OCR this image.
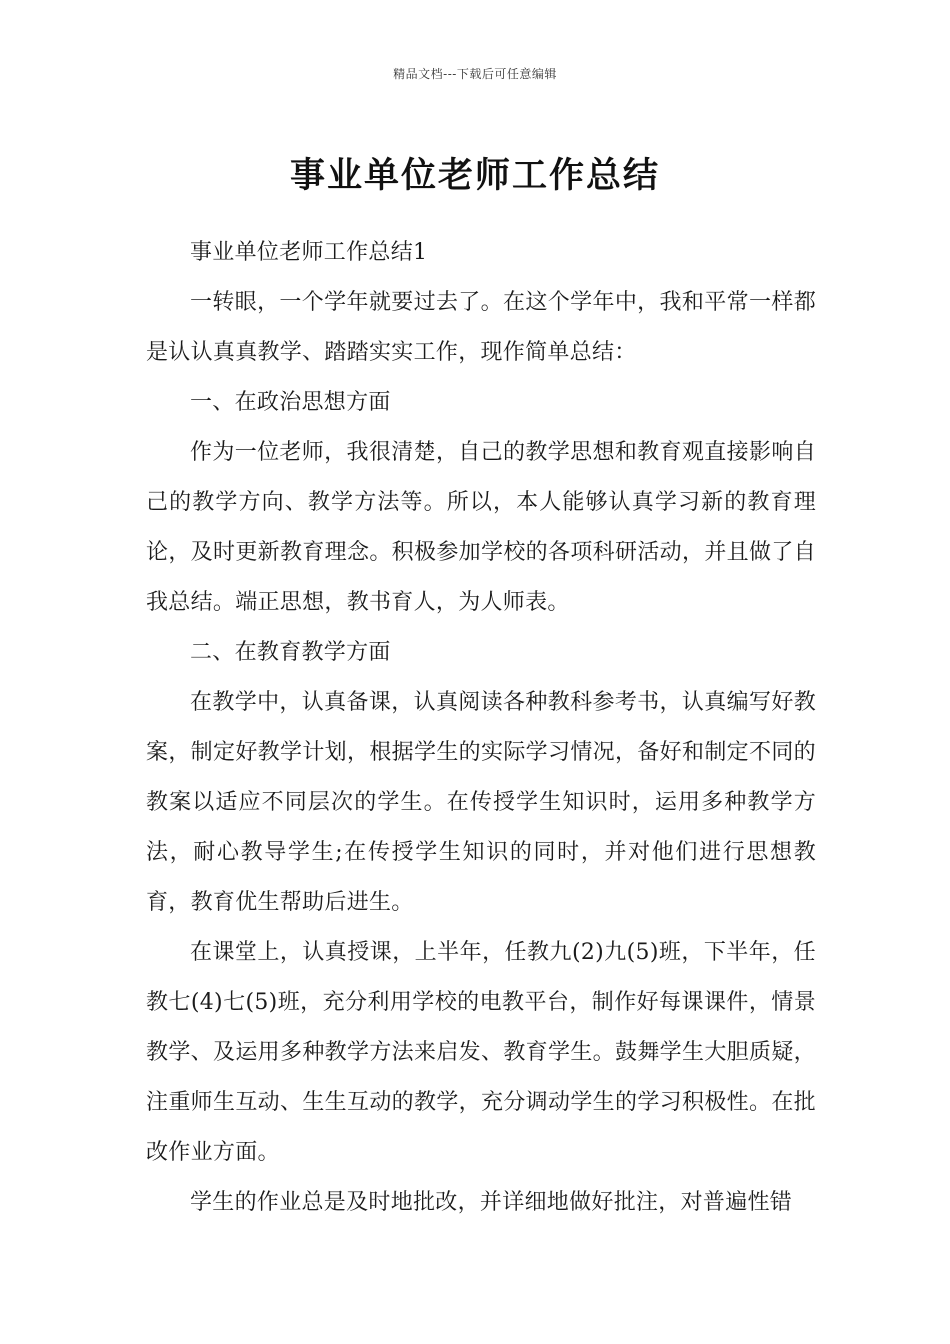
精品文档---下载后可任意编辑
事业单位老师工作总结

事业单位老师工作总结1

一转眼，一个学年就要过去了。在这个学年中，我和平常一样都是认认真真教学、踏踏实实工作，现作简单总结：

一、在政治思想方面

作为一位老师，我很清楚，自己的教学思想和教育观直接影响自己的教学方向、教学方法等。所以，本人能够认真学习新的教育理论，及时更新教育理念。积极参加学校的各项科研活动，并且做了自我总结。端正思想，教书育人，为人师表。

二、在教育教学方面

在教学中，认真备课，认真阅读各种教科参考书，认真编写好教案，制定好教学计划，根据学生的实际学习情况，备好和制定不同的教案以适应不同层次的学生。在传授学生知识时，运用多种教学方法，耐心教导学生;在传授学生知识的同时，并对他们进行思想教育，教育优生帮助后进生。

在课堂上，认真授课，上半年，任教九(2)九(5)班，下半年，任教七(4)七(5)班，充分利用学校的电教平台，制作好每课课件，情景教学、及运用多种教学方法来启发、教育学生。鼓舞学生大胆质疑，注重师生互动、生生互动的教学，充分调动学生的学习积极性。在批改作业方面。

学生的作业总是及时地批改，并详细地做好批注，对普遍性错
